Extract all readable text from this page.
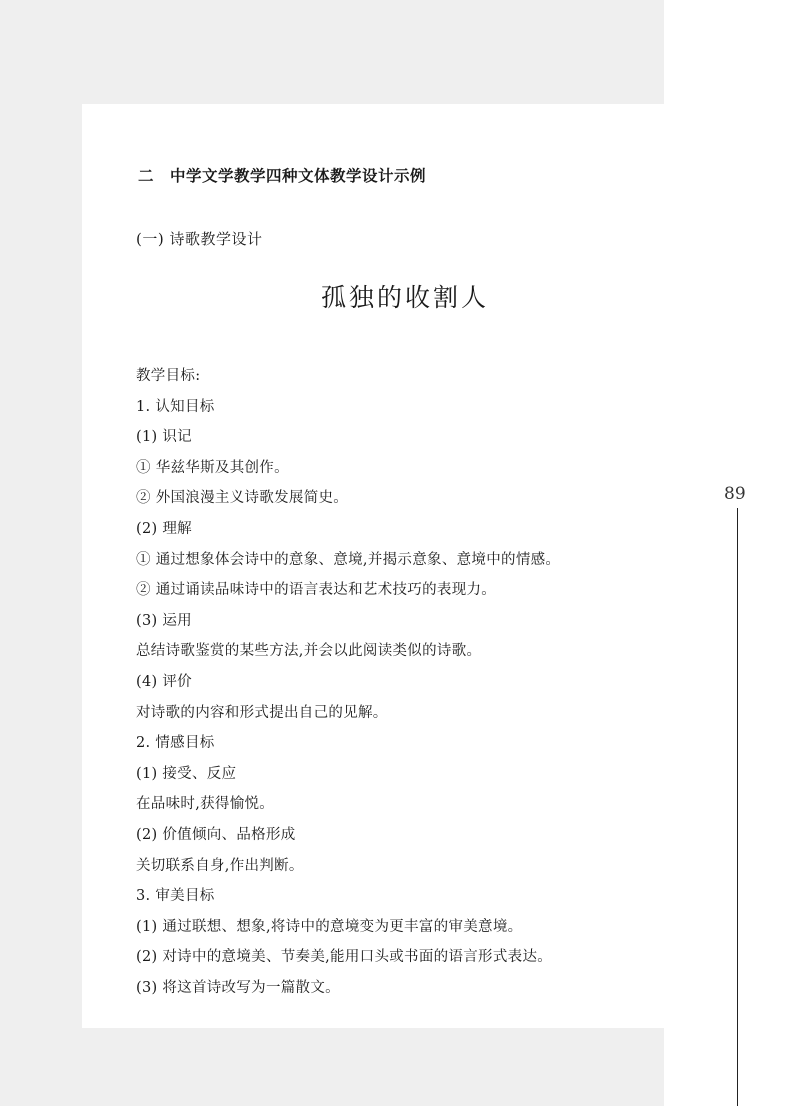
二 中学文学教学四种文体教学设计示例
(一) 诗歌教学设计
孤独的收割人
教学目标:
1. 认知目标
(1) 识记
① 华兹华斯及其创作。
② 外国浪漫主义诗歌发展简史。
(2) 理解
① 通过想象体会诗中的意象、意境,并揭示意象、意境中的情感。
② 通过诵读品味诗中的语言表达和艺术技巧的表现力。
(3) 运用
总结诗歌鉴赏的某些方法,并会以此阅读类似的诗歌。
(4) 评价
对诗歌的内容和形式提出自己的见解。
2. 情感目标
(1) 接受、反应
在品味时,获得愉悦。
(2) 价值倾向、品格形成
关切联系自身,作出判断。
3. 审美目标
(1) 通过联想、想象,将诗中的意境变为更丰富的审美意境。
(2) 对诗中的意境美、节奏美,能用口头或书面的语言形式表达。
(3) 将这首诗改写为一篇散文。
89
